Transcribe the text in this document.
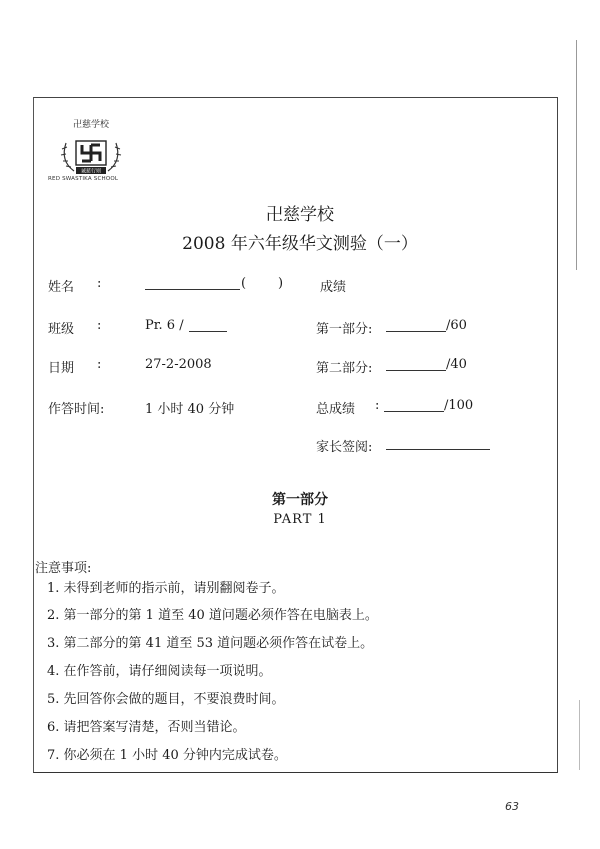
诚慈行则
卍慈学校
RED SWASTIKA SCHOOL
卍慈学校
2008 年六年级华文测验（一）
姓名 :	( )	成绩
班级 :	Pr. 6 /	第一部分:	/60
日期 :	27-2-2008	第二部分:	/40
作答时间:	1 小时 40 分钟	总成绩 :	/100
家长签阅:
第一部分
PART 1
注意事项:
1. 未得到老师的指示前，请别翻阅卷子。
2. 第一部分的第 1 道至 40 道问题必须作答在电脑表上。
3. 第二部分的第 41 道至 53 道问题必须作答在试卷上。
4. 在作答前，请仔细阅读每一项说明。
5. 先回答你会做的题目，不要浪费时间。
6. 请把答案写清楚，否则当错论。
7. 你必须在 1 小时 40 分钟内完成试卷。
63
